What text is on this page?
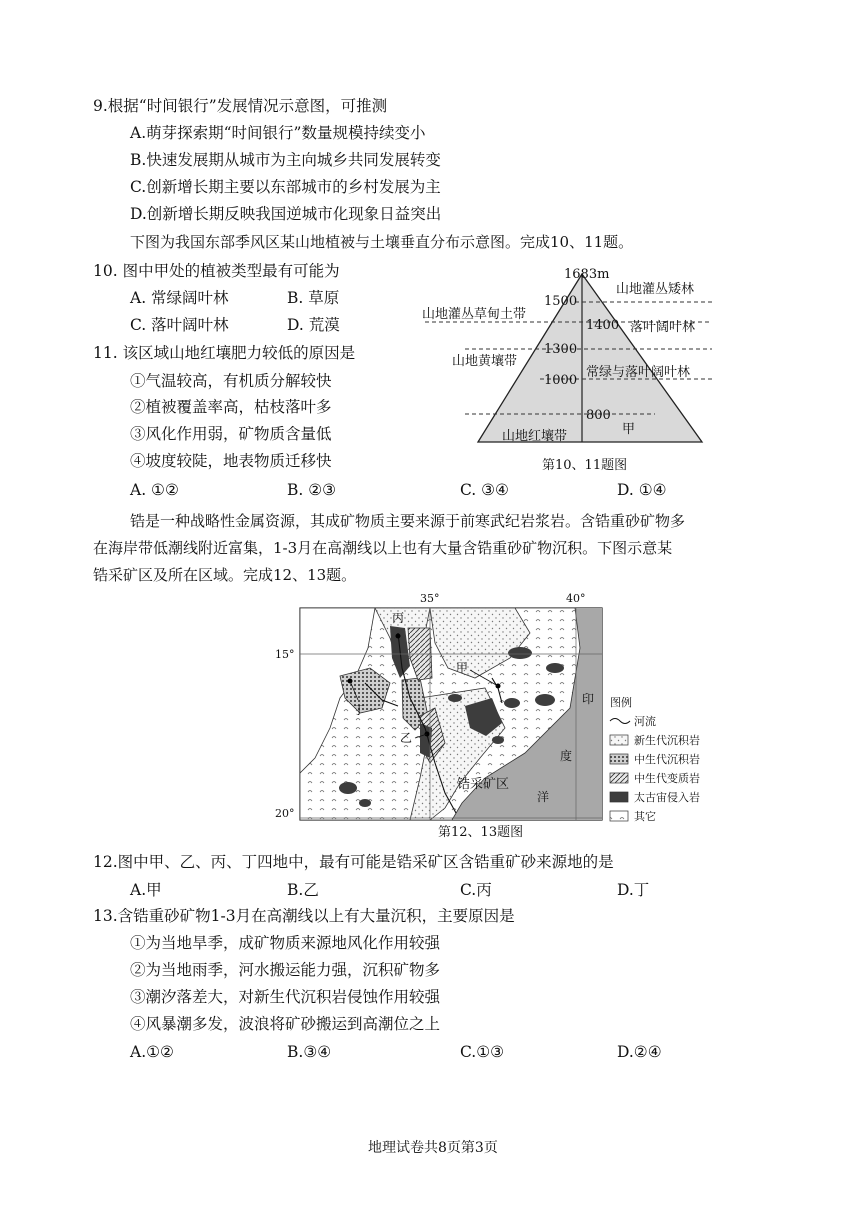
9.根据“时间银行”发展情况示意图，可推测
A.萌芽探索期“时间银行”数量规模持续变小
B.快速发展期从城市为主向城乡共同发展转变
C.创新增长期主要以东部城市的乡村发展为主
D.创新增长期反映我国逆城市化现象日益突出
下图为我国东部季风区某山地植被与土壤垂直分布示意图。完成10、11题。
10. 图中甲处的植被类型最有可能为
A. 常绿阔叶林	B. 草原
C. 落叶阔叶林	D. 荒漠
11. 该区域山地红壤肥力较低的原因是
①气温较高，有机质分解较快
②植被覆盖率高，枯枝落叶多
③风化作用弱，矿物质含量低
④坡度较陡，地表物质迁移快
A. ①②	B. ②③	C. ③④	D. ①④
1683m
1500
1400
1300
1000
800
山地灌丛草甸土带
山地黄壤带
山地红壤带
山地灌丛矮林
落叶阔叶林
常绿与落叶阔叶林
甲
第10、11题图
锆是一种战略性金属资源，其成矿物质主要来源于前寒武纪岩浆岩。含锆重砂矿物多
在海岸带低潮线附近富集，1-3月在高潮线以上也有大量含锆重砂矿物沉积。下图示意某
锆采矿区及所在区域。完成12、13题。
35°	40°
15°
20°
丙
甲
丁
乙
印
度
洋
锆采矿区
图例
河流
新生代沉积岩
中生代沉积岩
中生代变质岩
太古宙侵入岩
其它
第12、13题图
12.图中甲、乙、丙、丁四地中，最有可能是锆采矿区含锆重矿砂来源地的是
A.甲	B.乙	C.丙	D.丁
13.含锆重砂矿物1-3月在高潮线以上有大量沉积，主要原因是
①为当地旱季，成矿物质来源地风化作用较强
②为当地雨季，河水搬运能力强，沉积矿物多
③潮汐落差大，对新生代沉积岩侵蚀作用较强
④风暴潮多发，波浪将矿砂搬运到高潮位之上
A.①②	B.③④	C.①③	D.②④
地理试卷共8页第3页
